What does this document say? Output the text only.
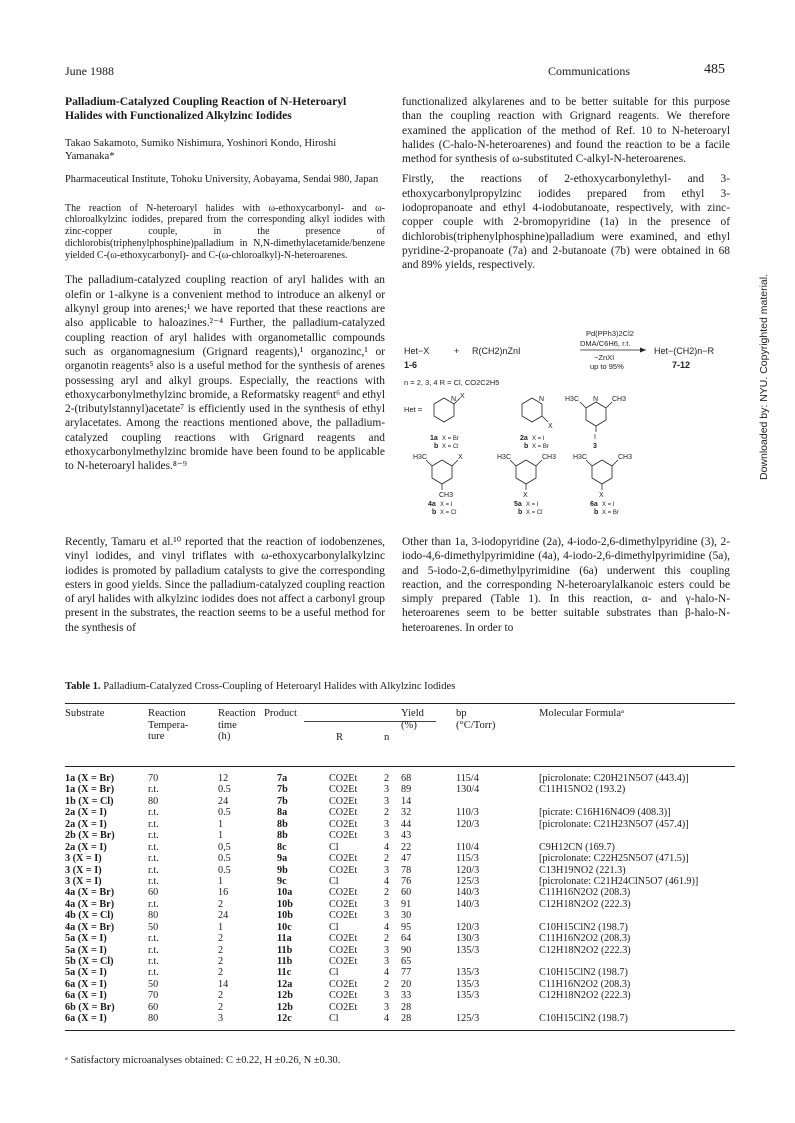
June 1988	Communications	485
Palladium-Catalyzed Coupling Reaction of N-Heteroaryl Halides with Functionalized Alkylzinc Iodides
Takao Sakamoto, Sumiko Nishimura, Yoshinori Kondo, Hiroshi Yamanaka*
Pharmaceutical Institute, Tohoku University, Aobayama, Sendai 980, Japan
The reaction of N-heteroaryl halides with ω-ethoxycarbonyl- and ω-chloroalkylzinc iodides, prepared from the corresponding alkyl iodides with zinc-copper couple, in the presence of dichlorobis(triphenylphosphine)palladium in N,N-dimethylacetamide/benzene yielded C-(ω-ethoxycarbonyl)- and C-(ω-chloroalkyl)-N-heteroarenes.
The palladium-catalyzed coupling reaction of aryl halides with an olefin or 1-alkyne is a convenient method to introduce an alkenyl or alkynyl group into arenes;¹ we have reported that these reactions are also applicable to haloazines.²⁻⁴ Further, the palladium-catalyzed coupling reaction of aryl halides with organometallic compounds such as organomagnesium (Grignard reagents),¹ organozinc,¹ or organotin reagents⁵ also is a useful method for the synthesis of arenes possessing aryl and alkyl groups. Especially, the reactions with ethoxycarbonylmethylzinc bromide, a Reformatsky reagent⁶ and ethyl 2-(tributylstannyl)acetate⁷ is efficiently used in the synthesis of ethyl arylacetates. Among the reactions mentioned above, the palladium-catalyzed coupling reactions with Grignard reagents and ethoxycarbonylmethylzinc bromide have been found to be applicable to N-heteroaryl halides.⁸⁻⁹
Recently, Tamaru et al.¹⁰ reported that the reaction of iodobenzenes, vinyl iodides, and vinyl triflates with ω-ethoxycarbonylalkylzinc iodides is promoted by palladium catalysts to give the corresponding esters in good yields. Since the palladium-catalyzed coupling reaction of aryl halides with alkylzinc iodides does not affect a carbonyl group present in the substrates, the reaction seems to be a useful method for the synthesis of
functionalized alkylarenes and to be better suitable for this purpose than the coupling reaction with Grignard reagents. We therefore examined the application of the method of Ref. 10 to N-heteroaryl halides (C-halo-N-heteroarenes) and found the reaction to be a facile method for synthesis of ω-substituted C-alkyl-N-heteroarenes.
Firstly, the reactions of 2-ethoxycarbonylethyl- and 3-ethoxycarbonylpropylzinc iodides prepared from ethyl 3-iodopropanoate and ethyl 4-iodobutanoate, respectively, with zinc-copper couple with 2-bromopyridine (1a) in the presence of dichlorobis(triphenylphosphine)palladium were examined, and ethyl pyridine-2-propanoate (7a) and 2-butanoate (7b) were obtained in 68 and 89% yields, respectively.
Het−X	+ R(CH2)nZnI
Pd(PPh3)2Cl2
DMA/C6H6, r.t.
−ZnXI
up to 95%
Het−(CH2)n−R
1-6	7-12
n = 2, 3, 4 R = Cl, CO2C2H5
Het =
N X
1a X = Br
b X = Cl
N
X
2a X = I
b X = Br
N
H3C	CH3
I
3
H3C	X
CH3
4a X = I
b X = Cl
H3C	CH3
X
5a X = I
b X = Cl
H3C	CH3
X
6a X = I
b X = Br
Other than 1a, 3-iodopyridine (2a), 4-iodo-2,6-dimethylpyridine (3), 2-iodo-4,6-dimethylpyrimidine (4a), 4-iodo-2,6-dimethylpyrimidine (5a), and 5-iodo-2,6-dimethylpyrimidine (6a) underwent this coupling reaction, and the corresponding N-heteroarylalkanoic esters could be simply prepared (Table 1). In this reaction, α- and γ-halo-N-heteroarenes seem to be better suitable substrates than β-halo-N-heteroarenes. In order to
Downloaded by: NYU. Copyrighted material.
Table 1. Palladium-Catalyzed Cross-Coupling of Heteroaryl Halides with Alkylzinc Iodides
Substrate	Reaction
Tempera-
ture
Reaction
time
(h)
Product
R	n
Yield
(%)
bp
(°C/Torr)
Molecular Formulaᵃ
1a (X = Br)	70	12	7a	CO2Et	2 68	115/4	[picrolonate: C20H21N5O7 (443.4)]
1a (X = Br)	r.t.	0.5	7b	CO2Et	3 89	130/4	C11H15NO2 (193.2)
1b (X = Cl)	80	24	7b	CO2Et	3 14
2a (X = I)	r.t.	0.5	8a	CO2Et	2 32	110/3	[picrate: C16H16N4O9 (408.3)]
2a (X = I)	r.t.	1	8b	CO2Et	3 44	120/3	[picrolonate: C21H23N5O7 (457.4)]
2b (X = Br)	r.t.	1	8b	CO2Et	3 43
2a (X = I)	r.t.	0,5	8c	Cl	4 22	110/4	C9H12CN (169.7)
3 (X = I)	r.t.	0.5	9a	CO2Et	2 47	115/3	[picrolonate: C22H25N5O7 (471.5)]
3 (X = I)	r.t.	0.5	9b	CO2Et	3 78	120/3	C13H19NO2 (221.3)
3 (X = I)	r.t.	1	9c	Cl	4 76	125/3	[picrolonate: C21H24ClN5O7 (461.9)]
4a (X = Br)	60	16	10a	CO2Et	2 60	140/3	C11H16N2O2 (208.3)
4a (X = Br)	r.t.	2	10b	CO2Et	3 91	140/3	C12H18N2O2 (222.3)
4b (X = Cl)	80	24	10b	CO2Et	3 30
4a (X = Br)	50	1	10c	Cl	4 95	120/3	C10H15ClN2 (198.7)
5a (X = I)	r.t.	2	11a	CO2Et	2 64	130/3	C11H16N2O2 (208.3)
5a (X = I)	r.t.	2	11b	CO2Et	3 90	135/3	C12H18N2O2 (222.3)
5b (X = Cl)	r.t.	2	11b	CO2Et	3 65
5a (X = I)	r.t.	2	11c	Cl	4 77	135/3	C10H15ClN2 (198.7)
6a (X = I)	50	14	12a	CO2Et	2 20	135/3	C11H16N2O2 (208.3)
6a (X = I)	70	2	12b	CO2Et	3 33	135/3	C12H18N2O2 (222.3)
6b (X = Br)	60	2	12b	CO2Et	3 28
6a (X = I)	80	3	12c	Cl	4 28	125/3	C10H15ClN2 (198.7)
ᵃ Satisfactory microanalyses obtained: C ±0.22, H ±0.26, N ±0.30.
